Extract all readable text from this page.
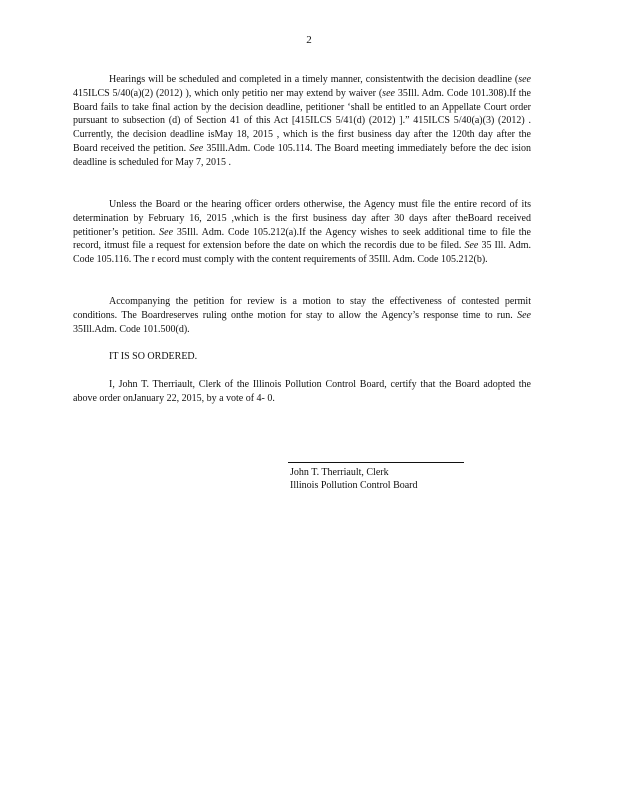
2

Hearings will be scheduled and completed in a timely manner, consistentwith the decision deadline (see 415ILCS 5/40(a)(2) (2012) ), which only petitio ner may extend by waiver (see 35Ill. Adm. Code 101.308).If the Board fails to take final action by the decision deadline, petitioner ‘shall be entitled to an Appellate Court order pursuant to subsection (d) of Section 41 of this Act [415ILCS 5/41(d) (2012) ].” 415ILCS 5/40(a)(3) (2012) . Currently, the decision deadline isMay 18, 2015 , which is the first business day after the 120th day after the Board received the petition. See 35Ill.Adm. Code 105.114. The Board meeting immediately before the dec ision deadline is scheduled for May 7, 2015 .

Unless the Board or the hearing officer orders otherwise, the Agency must file the entire record of its determination by February 16, 2015 ,which is the first business day after 30 days after theBoard received petitioner’s petition. See 35Ill. Adm. Code 105.212(a).If the Agency wishes to seek additional time to file the record, itmust file a request for extension before the date on which the recordis due to be filed. See 35 Ill. Adm. Code 105.116. The r ecord must comply with the content requirements of 35Ill. Adm. Code 105.212(b).

Accompanying the petition for review is a motion to stay the effectiveness of contested permit conditions. The Boardreserves ruling onthe motion for stay to allow the Agency’s response time to run. See 35Ill.Adm. Code 101.500(d).

IT IS SO ORDERED.

I, John T. Therriault, Clerk of the Illinois Pollution Control Board, certify that the Board adopted the above order onJanuary 22, 2015, by a vote of 4- 0.

John T. Therriault, Clerk
Illinois Pollution Control Board
